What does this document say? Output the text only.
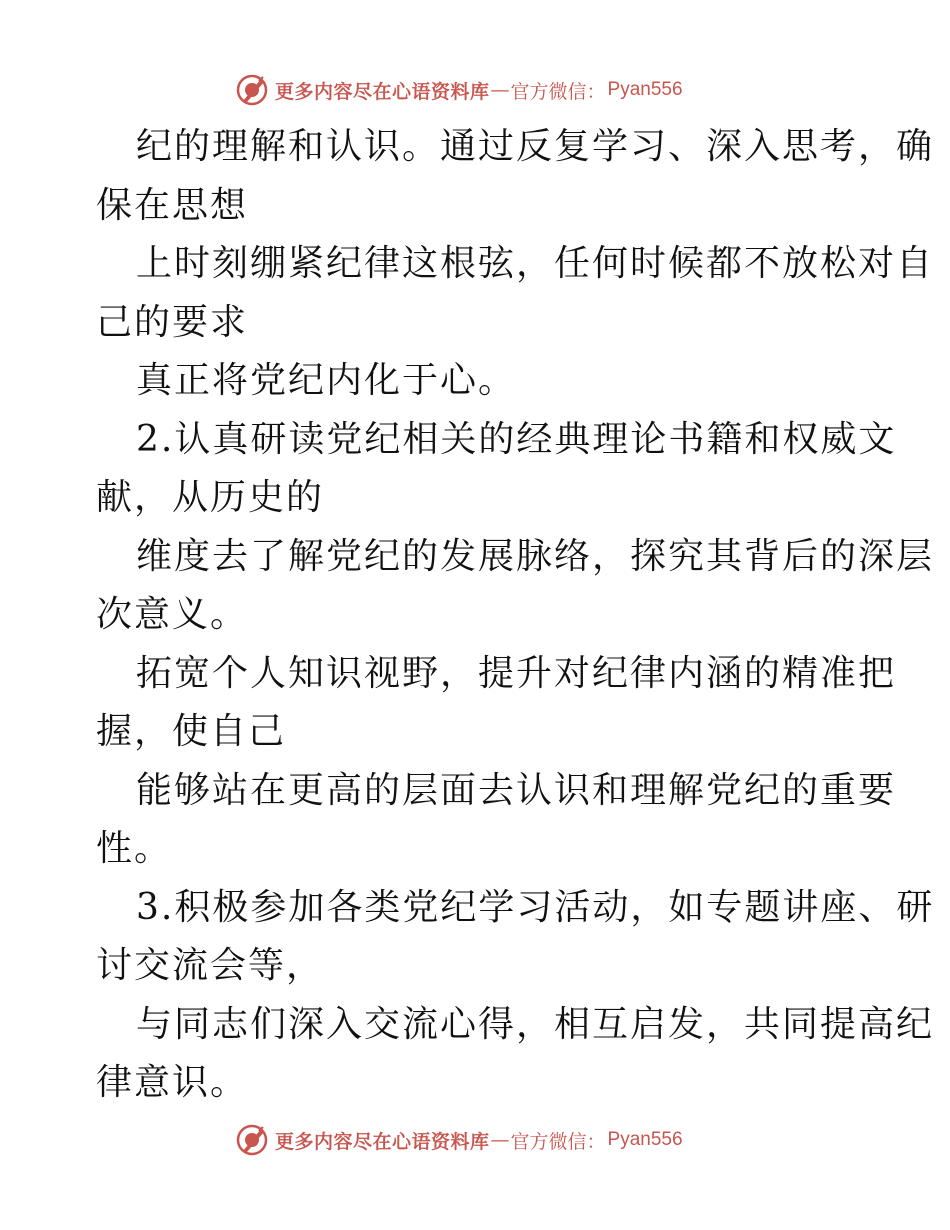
更多内容尽在心语资料库 — 官方微信： Pyan556
纪的理解和认识。通过反复学习、深入思考，确
保在思想
上时刻绷紧纪律这根弦，任何时候都不放松对自
己的要求
真正将党纪内化于心。
2.认真研读党纪相关的经典理论书籍和权威文
献，从历史的
维度去了解党纪的发展脉络，探究其背后的深层
次意义。
拓宽个人知识视野，提升对纪律内涵的精准把
握，使自己
能够站在更高的层面去认识和理解党纪的重要
性。
3.积极参加各类党纪学习活动，如专题讲座、研
讨交流会等，
与同志们深入交流心得，相互启发，共同提高纪
律意识。
更多内容尽在心语资料库 — 官方微信： Pyan556
